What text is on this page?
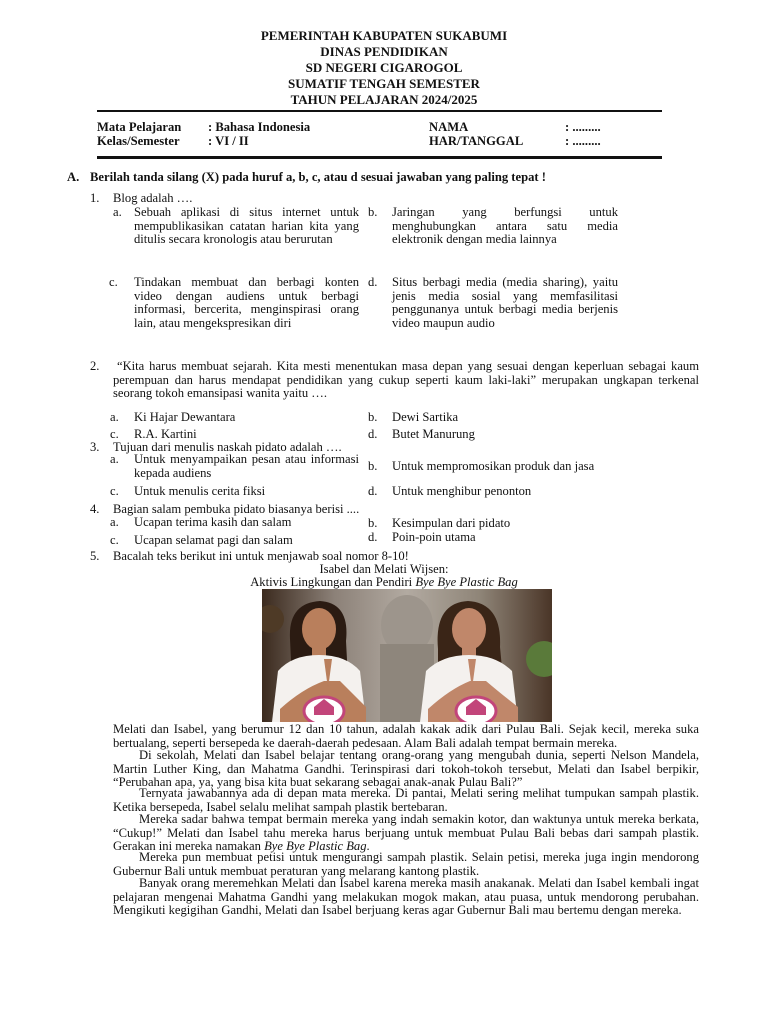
PEMERINTAH KABUPATEN SUKABUMI
DINAS PENDIDIKAN
SD NEGERI CIGAROGOL
SUMATIF TENGAH SEMESTER
TAHUN PELAJARAN 2024/2025
Mata Pelajaran : Bahasa Indonesia
Kelas/Semester : VI / II
NAMA	: .........
HAR/TANGGAL	: .........
A. Berilah tanda silang (X) pada huruf a, b, c, atau d sesuai jawaban yang paling tepat !
1. Blog adalah ….
a. Sebuah aplikasi di situs internet untuk mempublikasikan catatan harian kita yang ditulis secara kronologis atau berurutan
b. Jaringan yang berfungsi untuk menghubungkan antara satu media elektronik dengan media lainnya
c. Tindakan membuat dan berbagi konten video dengan audiens untuk berbagi informasi, bercerita, menginspirasi orang lain, atau mengekspresikan diri
d. Situs berbagi media (media sharing), yaitu jenis media sosial yang memfasilitasi penggunanya untuk berbagi media berjenis video maupun audio
2.	“Kita harus membuat sejarah. Kita mesti menentukan masa depan yang sesuai dengan keperluan sebagai kaum perempuan dan harus mendapat pendidikan yang cukup seperti kaum laki-laki” merupakan ungkapan terkenal seorang tokoh emansipasi wanita yaitu ….
a. Ki Hajar Dewantara	b. Dewi Sartika
c. R.A. Kartini	d. Butet Manurung
3. Tujuan dari menulis naskah pidato adalah ….
a. Untuk menyampaikan pesan atau informasi kepada audiens	b. Untuk mempromosikan produk dan jasa
c. Untuk menulis cerita fiksi	d. Untuk menghibur penonton
4. Bagian salam pembuka pidato biasanya berisi ....
a. Ucapan terima kasih dan salam	b. Kesimpulan dari pidato
c. Ucapan selamat pagi dan salam	d. Poin-poin utama
5. Bacalah teks berikut ini untuk menjawab soal nomor 8-10!
Isabel dan Melati Wijsen:
Aktivis Lingkungan dan Pendiri Bye Bye Plastic Bag
Melati dan Isabel, yang berumur 12 dan 10 tahun, adalah kakak adik dari Pulau Bali. Sejak kecil, mereka suka bertualang, seperti bersepeda ke daerah-daerah pedesaan. Alam Bali adalah tempat bermain mereka.
Di sekolah, Melati dan Isabel belajar tentang orang-orang yang mengubah dunia, seperti Nelson Mandela, Martin Luther King, dan Mahatma Gandhi. Terinspirasi dari tokoh-tokoh tersebut, Melati dan Isabel berpikir, “Perubahan apa, ya, yang bisa kita buat sekarang sebagai anak-anak Pulau Bali?”
Ternyata jawabannya ada di depan mata mereka. Di pantai, Melati sering melihat tumpukan sampah plastik. Ketika bersepeda, Isabel selalu melihat sampah plastik bertebaran.
Mereka sadar bahwa tempat bermain mereka yang indah semakin kotor, dan waktunya untuk mereka berkata, “Cukup!” Melati dan Isabel tahu mereka harus berjuang untuk membuat Pulau Bali bebas dari sampah plastik. Gerakan ini mereka namakan Bye Bye Plastic Bag.
Mereka pun membuat petisi untuk mengurangi sampah plastik. Selain petisi, mereka juga ingin mendorong Gubernur Bali untuk membuat peraturan yang melarang kantong plastik.
Banyak orang meremehkan Melati dan Isabel karena mereka masih anakanak. Melati dan Isabel kembali ingat pelajaran mengenai Mahatma Gandhi yang melakukan mogok makan, atau puasa, untuk mendorong perubahan. Mengikuti kegigihan Gandhi, Melati dan Isabel berjuang keras agar Gubernur Bali mau bertemu dengan mereka.
